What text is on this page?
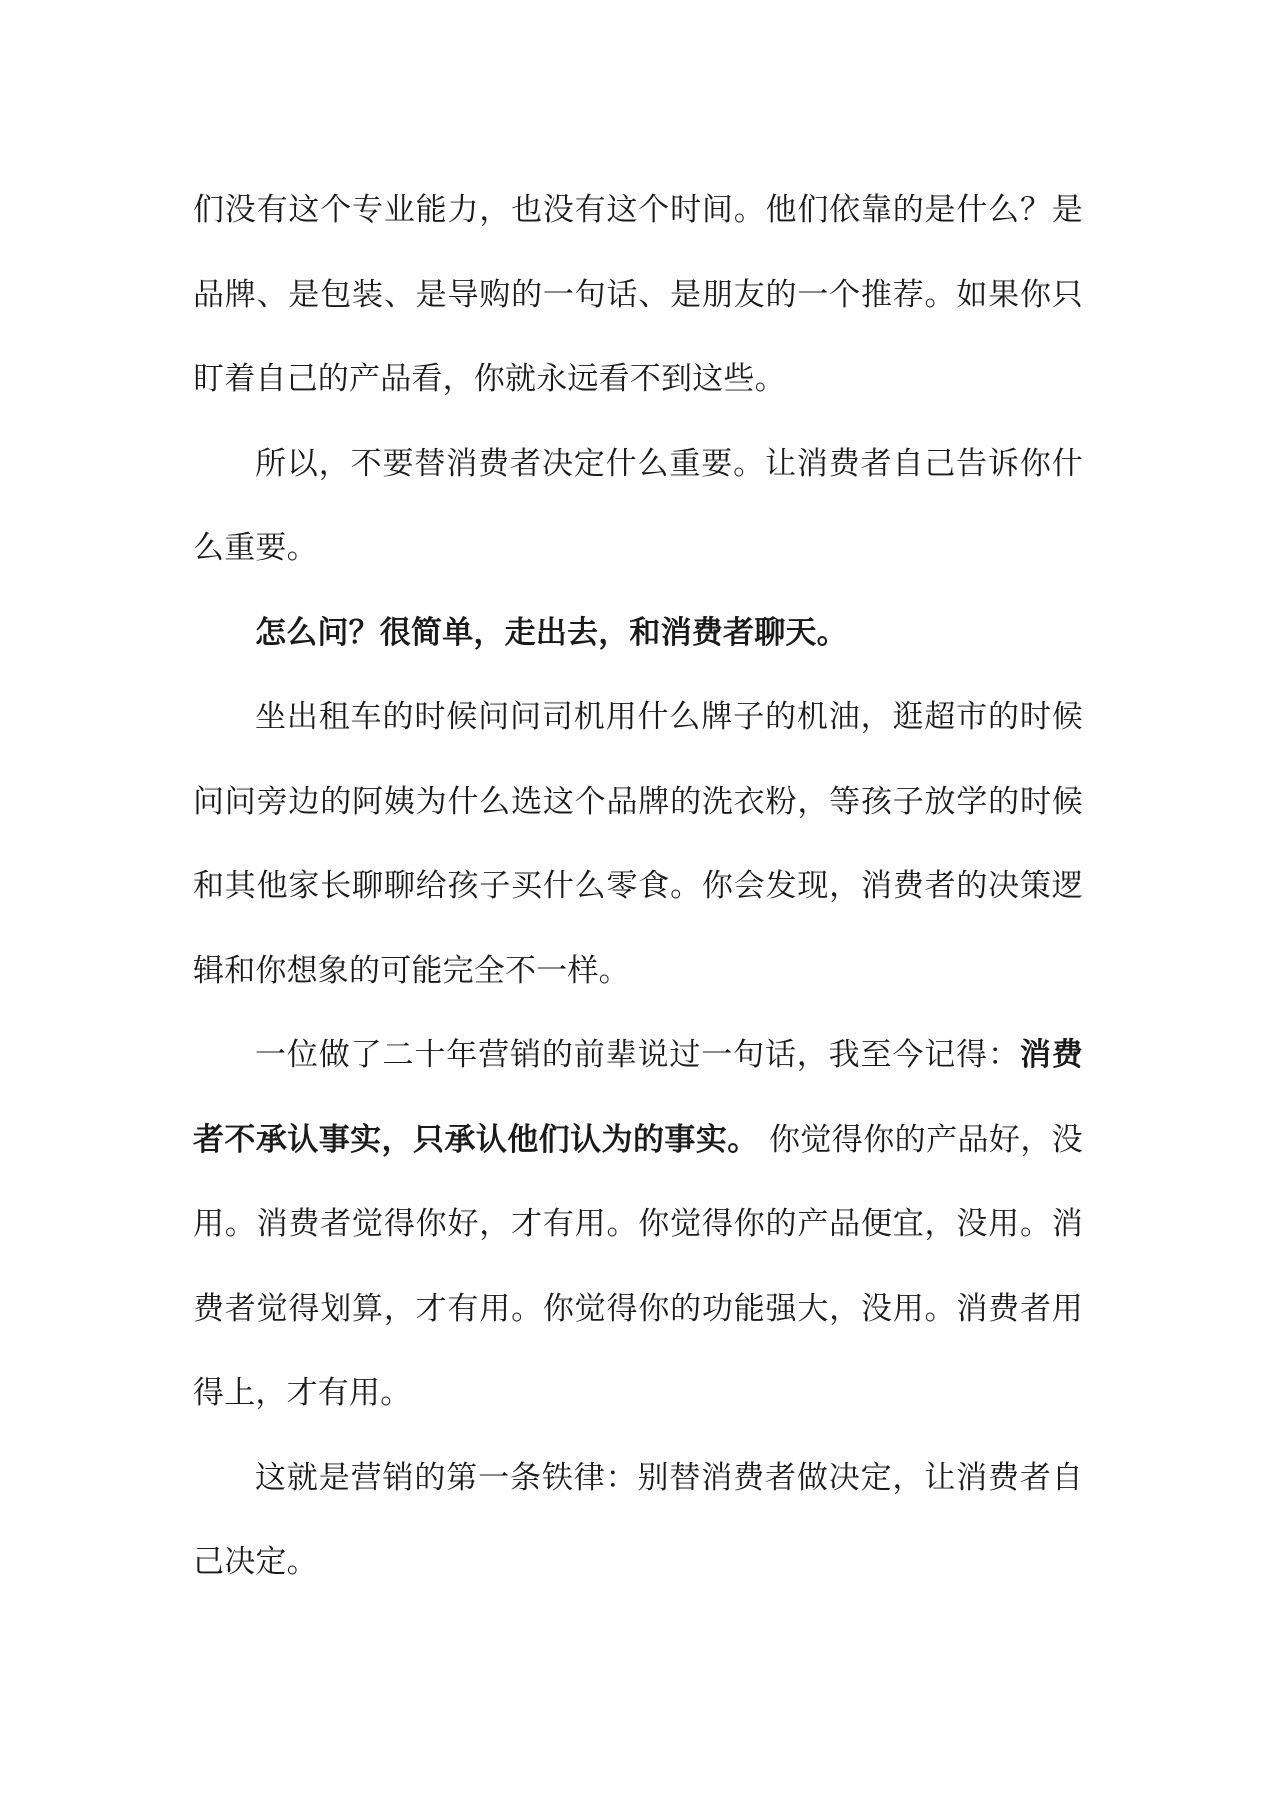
们没有这个专业能力，也没有这个时间。他们依靠的是什么？是品牌、是包装、是导购的一句话、是朋友的一个推荐。如果你只盯着自己的产品看，你就永远看不到这些。

所以，不要替消费者决定什么重要。让消费者自己告诉你什么重要。

怎么问？很简单，走出去，和消费者聊天。

坐出租车的时候问问司机用什么牌子的机油，逛超市的时候问问旁边的阿姨为什么选这个品牌的洗衣粉，等孩子放学的时候和其他家长聊聊给孩子买什么零食。你会发现，消费者的决策逻辑和你想象的可能完全不一样。

一位做了二十年营销的前辈说过一句话，我至今记得：消费者不承认事实，只承认他们认为的事实。 你觉得你的产品好，没用。消费者觉得你好，才有用。你觉得你的产品便宜，没用。消费者觉得划算，才有用。你觉得你的功能强大，没用。消费者用得上，才有用。

这就是营销的第一条铁律：别替消费者做决定，让消费者自己决定。
